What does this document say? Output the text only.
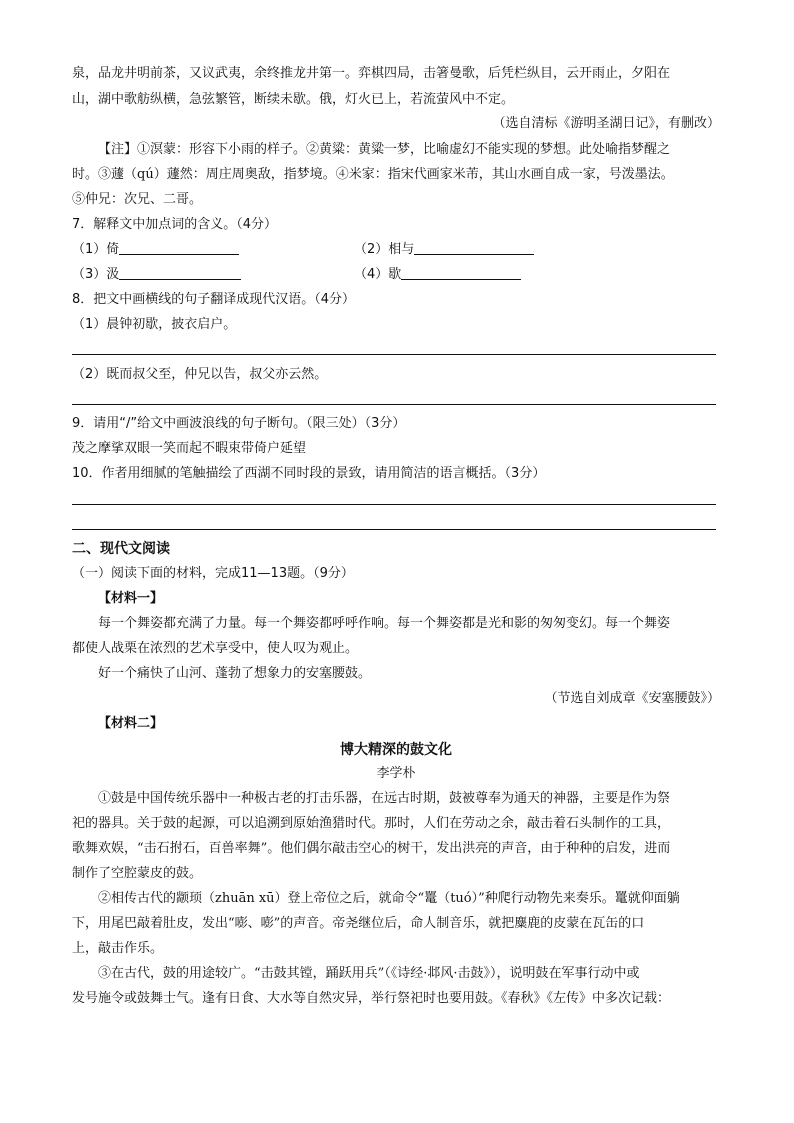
泉，品龙井明前茶，又议武夷，余终推龙井第一。弈棋四局，击箸曼歌，后凭栏纵目，云开雨止，夕阳在
山，湖中歌舫纵横，急弦繁管，断续未歇。俄，灯火已上，若流萤风中不定。
（选自清标《游明圣湖日记》，有删改）
【注】①溟蒙：形容下小雨的样子。②黄粱：黄粱一梦，比喻虚幻不能实现的梦想。此处喻指梦醒之
时。③蘧（qú）蘧然：周庄周奥敌，指梦境。④米家：指宋代画家米芾，其山水画自成一家，号泼墨法。
⑤仲兄：次兄、二哥。
7．解释文中加点词的含义。（4分）
（1）倚	（2）相与
（3）汲	（4）歇
8．把文中画横线的句子翻译成现代汉语。（4分）
（1）晨钟初歇，披衣启户。
（2）既而叔父至，仲兄以告，叔父亦云然。
9．请用“/”给文中画波浪线的句子断句。（限三处）（3分）
茂之摩挲双眼一笑而起不暇束带倚户延望
10．作者用细腻的笔触描绘了西湖不同时段的景致，请用简洁的语言概括。（3分）
二、现代文阅读
（一）阅读下面的材料，完成11—13题。（9分）
【材料一】
每一个舞姿都充满了力量。每一个舞姿都呼呼作响。每一个舞姿都是光和影的匆匆变幻。每一个舞姿
都使人战栗在浓烈的艺术享受中，使人叹为观止。
好一个痛快了山河、蓬勃了想象力的安塞腰鼓。
（节选自刘成章《安塞腰鼓》）
【材料二】
博大精深的鼓文化
李学朴
①鼓是中国传统乐器中一种极古老的打击乐器，在远古时期，鼓被尊奉为通天的神器，主要是作为祭
祀的器具。关于鼓的起源，可以追溯到原始渔猎时代。那时，人们在劳动之余，敲击着石头制作的工具，
歌舞欢娱，“击石拊石，百兽率舞”。他们偶尔敲击空心的树干，发出洪亮的声音，由于种种的启发，进而
制作了空腔蒙皮的鼓。
②相传古代的颛顼（zhuān xū）登上帝位之后，就命令“鼍（tuó）”种爬行动物先来奏乐。鼍就仰面躺
下，用尾巴敲着肚皮，发出“嘭、嘭”的声音。帝尧继位后，命人制音乐，就把麋鹿的皮蒙在瓦缶的口
上，敲击作乐。
③在古代，鼓的用途较广。“击鼓其镗，踊跃用兵”（《诗经·邶风·击鼓》），说明鼓在军事行动中或
发号施令或鼓舞士气。逢有日食、大水等自然灾异，举行祭祀时也要用鼓。《春秋》《左传》中多次记载：
